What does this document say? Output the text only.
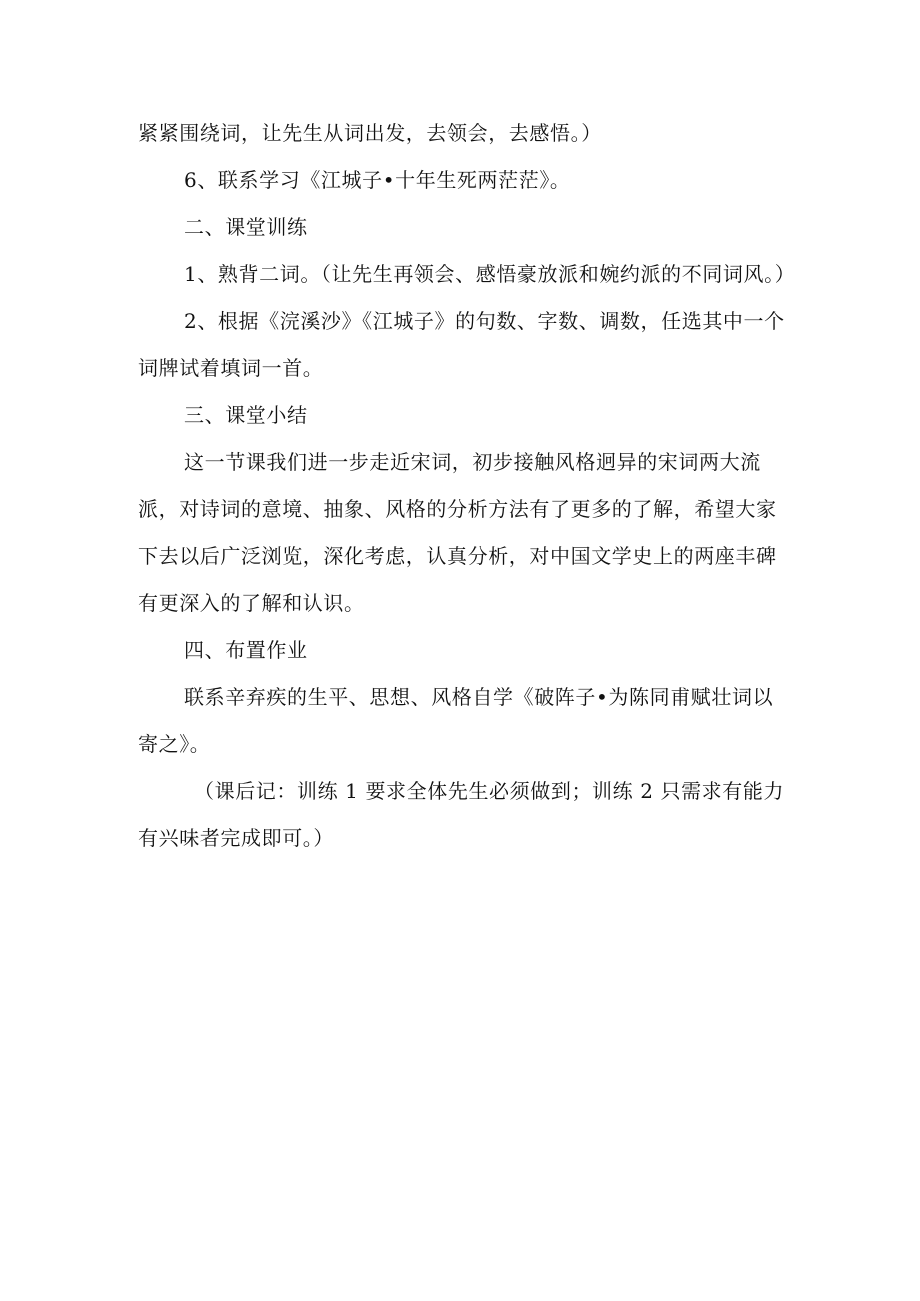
紧紧围绕词，让先生从词出发，去领会，去感悟。）

6、联系学习《江城子•十年生死两茫茫》。

二、课堂训练

1、熟背二词。（让先生再领会、感悟豪放派和婉约派的不同词风。）

2、根据《浣溪沙》《江城子》的句数、字数、调数，任选其中一个词牌试着填词一首。

三、课堂小结

这一节课我们进一步走近宋词，初步接触风格迥异的宋词两大流派，对诗词的意境、抽象、风格的分析方法有了更多的了解，希望大家下去以后广泛浏览，深化考虑，认真分析，对中国文学史上的两座丰碑有更深入的了解和认识。

四、布置作业

联系辛弃疾的生平、思想、风格自学《破阵子•为陈同甫赋壮词以寄之》。

（课后记：训练 1 要求全体先生必须做到；训练 2 只需求有能力有兴味者完成即可。）
